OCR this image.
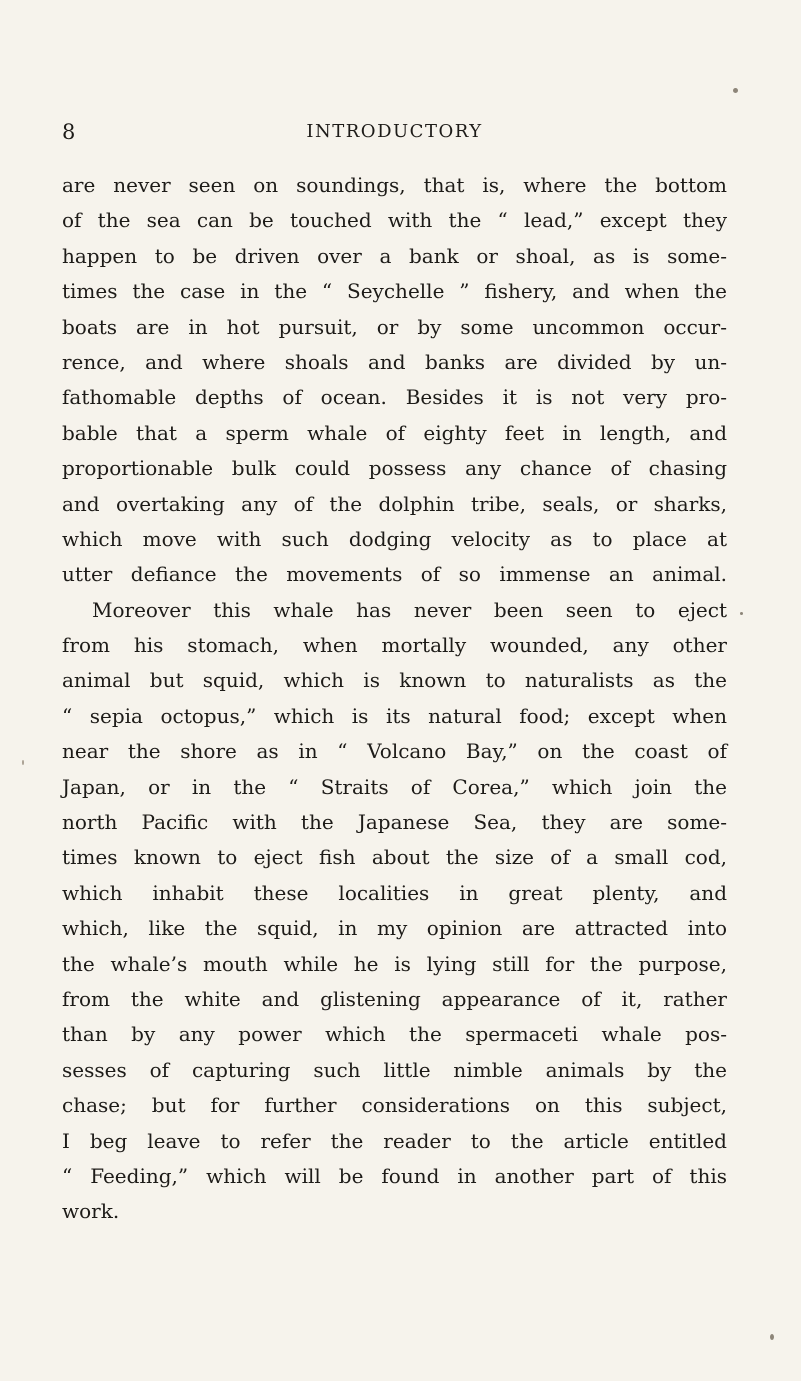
8	INTRODUCTORY
are never seen on soundings, that is, where the bottom
of the sea can be touched with the “ lead,” except they
happen to be driven over a bank or shoal, as is some-
times the case in the “ Seychelle ” fishery, and when the
boats are in hot pursuit, or by some uncommon occur-
rence, and where shoals and banks are divided by un-
fathomable depths of ocean. Besides it is not very pro-
bable that a sperm whale of eighty feet in length, and
proportionable bulk could possess any chance of chasing
and overtaking any of the dolphin tribe, seals, or sharks,
which move with such dodging velocity as to place at
utter defiance the movements of so immense an animal.
Moreover this whale has never been seen to eject
from his stomach, when mortally wounded, any other
animal but squid, which is known to naturalists as the
“ sepia octopus,” which is its natural food; except when
near the shore as in “ Volcano Bay,” on the coast of
Japan, or in the “ Straits of Corea,” which join the
north Pacific with the Japanese Sea, they are some-
times known to eject fish about the size of a small cod,
which inhabit these localities in great plenty, and
which, like the squid, in my opinion are attracted into
the whale’s mouth while he is lying still for the purpose,
from the white and glistening appearance of it, rather
than by any power which the spermaceti whale pos-
sesses of capturing such little nimble animals by the
chase; but for further considerations on this subject,
I beg leave to refer the reader to the article entitled
“ Feeding,” which will be found in another part of this
work.
